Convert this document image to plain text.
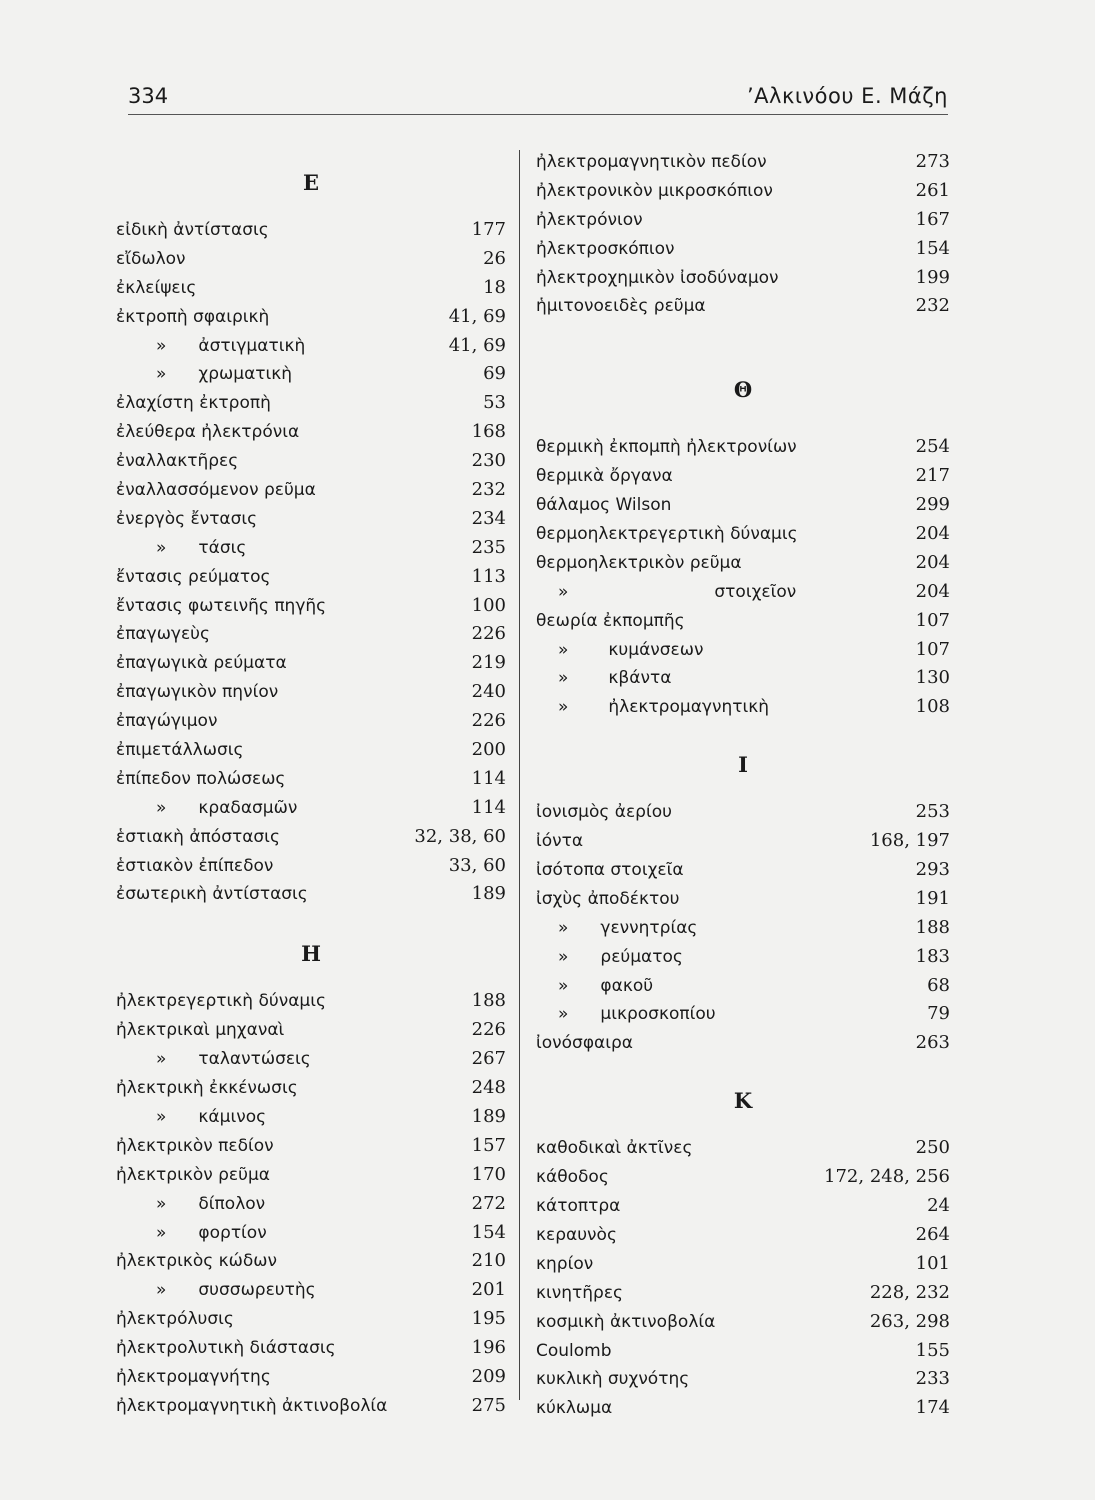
334	’Αλκινόου Ε. Μάζη
Ε
εἰδικὴ ἀντίστασις	177
εἴδωλον	26
ἐκλείψεις	18
ἐκτροπὴ σφαιρικὴ	41, 69
» ἀστιγματικὴ	41, 69
» χρωματικὴ	69
ἐλαχίστη ἐκτροπὴ	53
ἐλεύθερα ἠλεκτρόνια	168
ἐναλλακτῆρες	230
ἐναλλασσόμενον ρεῦμα	232
ἐνεργὸς ἔντασις	234
» τάσις	235
ἔντασις ρεύματος	113
ἔντασις φωτεινῆς πηγῆς	100
ἐπαγωγεὺς	226
ἐπαγωγικὰ ρεύματα	219
ἐπαγωγικὸν πηνίον	240
ἐπαγώγιμον	226
ἐπιμετάλλωσις	200
ἐπίπεδον πολώσεως	114
» κραδασμῶν	114
ἑστιακὴ ἀπόστασις	32, 38, 60
ἑστιακὸν ἐπίπεδον	33, 60
ἐσωτερικὴ ἀντίστασις	189
Η
ἠλεκτρεγερτικὴ δύναμις	188
ἠλεκτρικαὶ μηχαναὶ	226
» ταλαντώσεις	267
ἠλεκτρικὴ ἐκκένωσις	248
» κάμινος	189
ἠλεκτρικὸν πεδίον	157
ἠλεκτρικὸν ρεῦμα	170
» δίπολον	272
» φορτίον	154
ἠλεκτρικὸς κώδων	210
» συσσωρευτὴς	201
ἠλεκτρόλυσις	195
ἠλεκτρολυτικὴ διάστασις	196
ἠλεκτρομαγνήτης	209
ἠλεκτρομαγνητικὴ ἀκτινοβολία	275
ἠλεκτρομαγνητικὸν πεδίον	273
ἠλεκτρονικὸν μικροσκόπιον	261
ἠλεκτρόνιον	167
ἠλεκτροσκόπιον	154
ἠλεκτροχημικὸν ἰσοδύναμον	199
ἡμιτονοειδὲς ρεῦμα	232
Θ
θερμικὴ ἐκπομπὴ ἠλεκτρονίων	254
θερμικὰ ὄργανα	217
θάλαμος Wilson	299
θερμοηλεκτρεγερτικὴ δύναμις	204
θερμοηλεκτρικὸν ρεῦμα	204
»	στοιχεῖον	204
θεωρία ἐκπομπῆς	107
» κυμάνσεων	107
» κβάντα	130
» ἠλεκτρομαγνητικὴ	108
Ι
ἰονισμὸς ἀερίου	253
ἰόντα	168, 197
ἰσότοπα στοιχεῖα	293
ἰσχὺς ἀποδέκτου	191
» γεννητρίας	188
» ρεύματος	183
» φακοῦ	68
» μικροσκοπίου	79
ἰονόσφαιρα	263
Κ
καθοδικαὶ ἀκτῖνες	250
κάθοδος	172, 248, 256
κάτοπτρα	24
κεραυνὸς	264
κηρίον	101
κινητῆρες	228, 232
κοσμικὴ ἀκτινοβολία	263, 298
Coulomb	155
κυκλικὴ συχνότης	233
κύκλωμα	174
